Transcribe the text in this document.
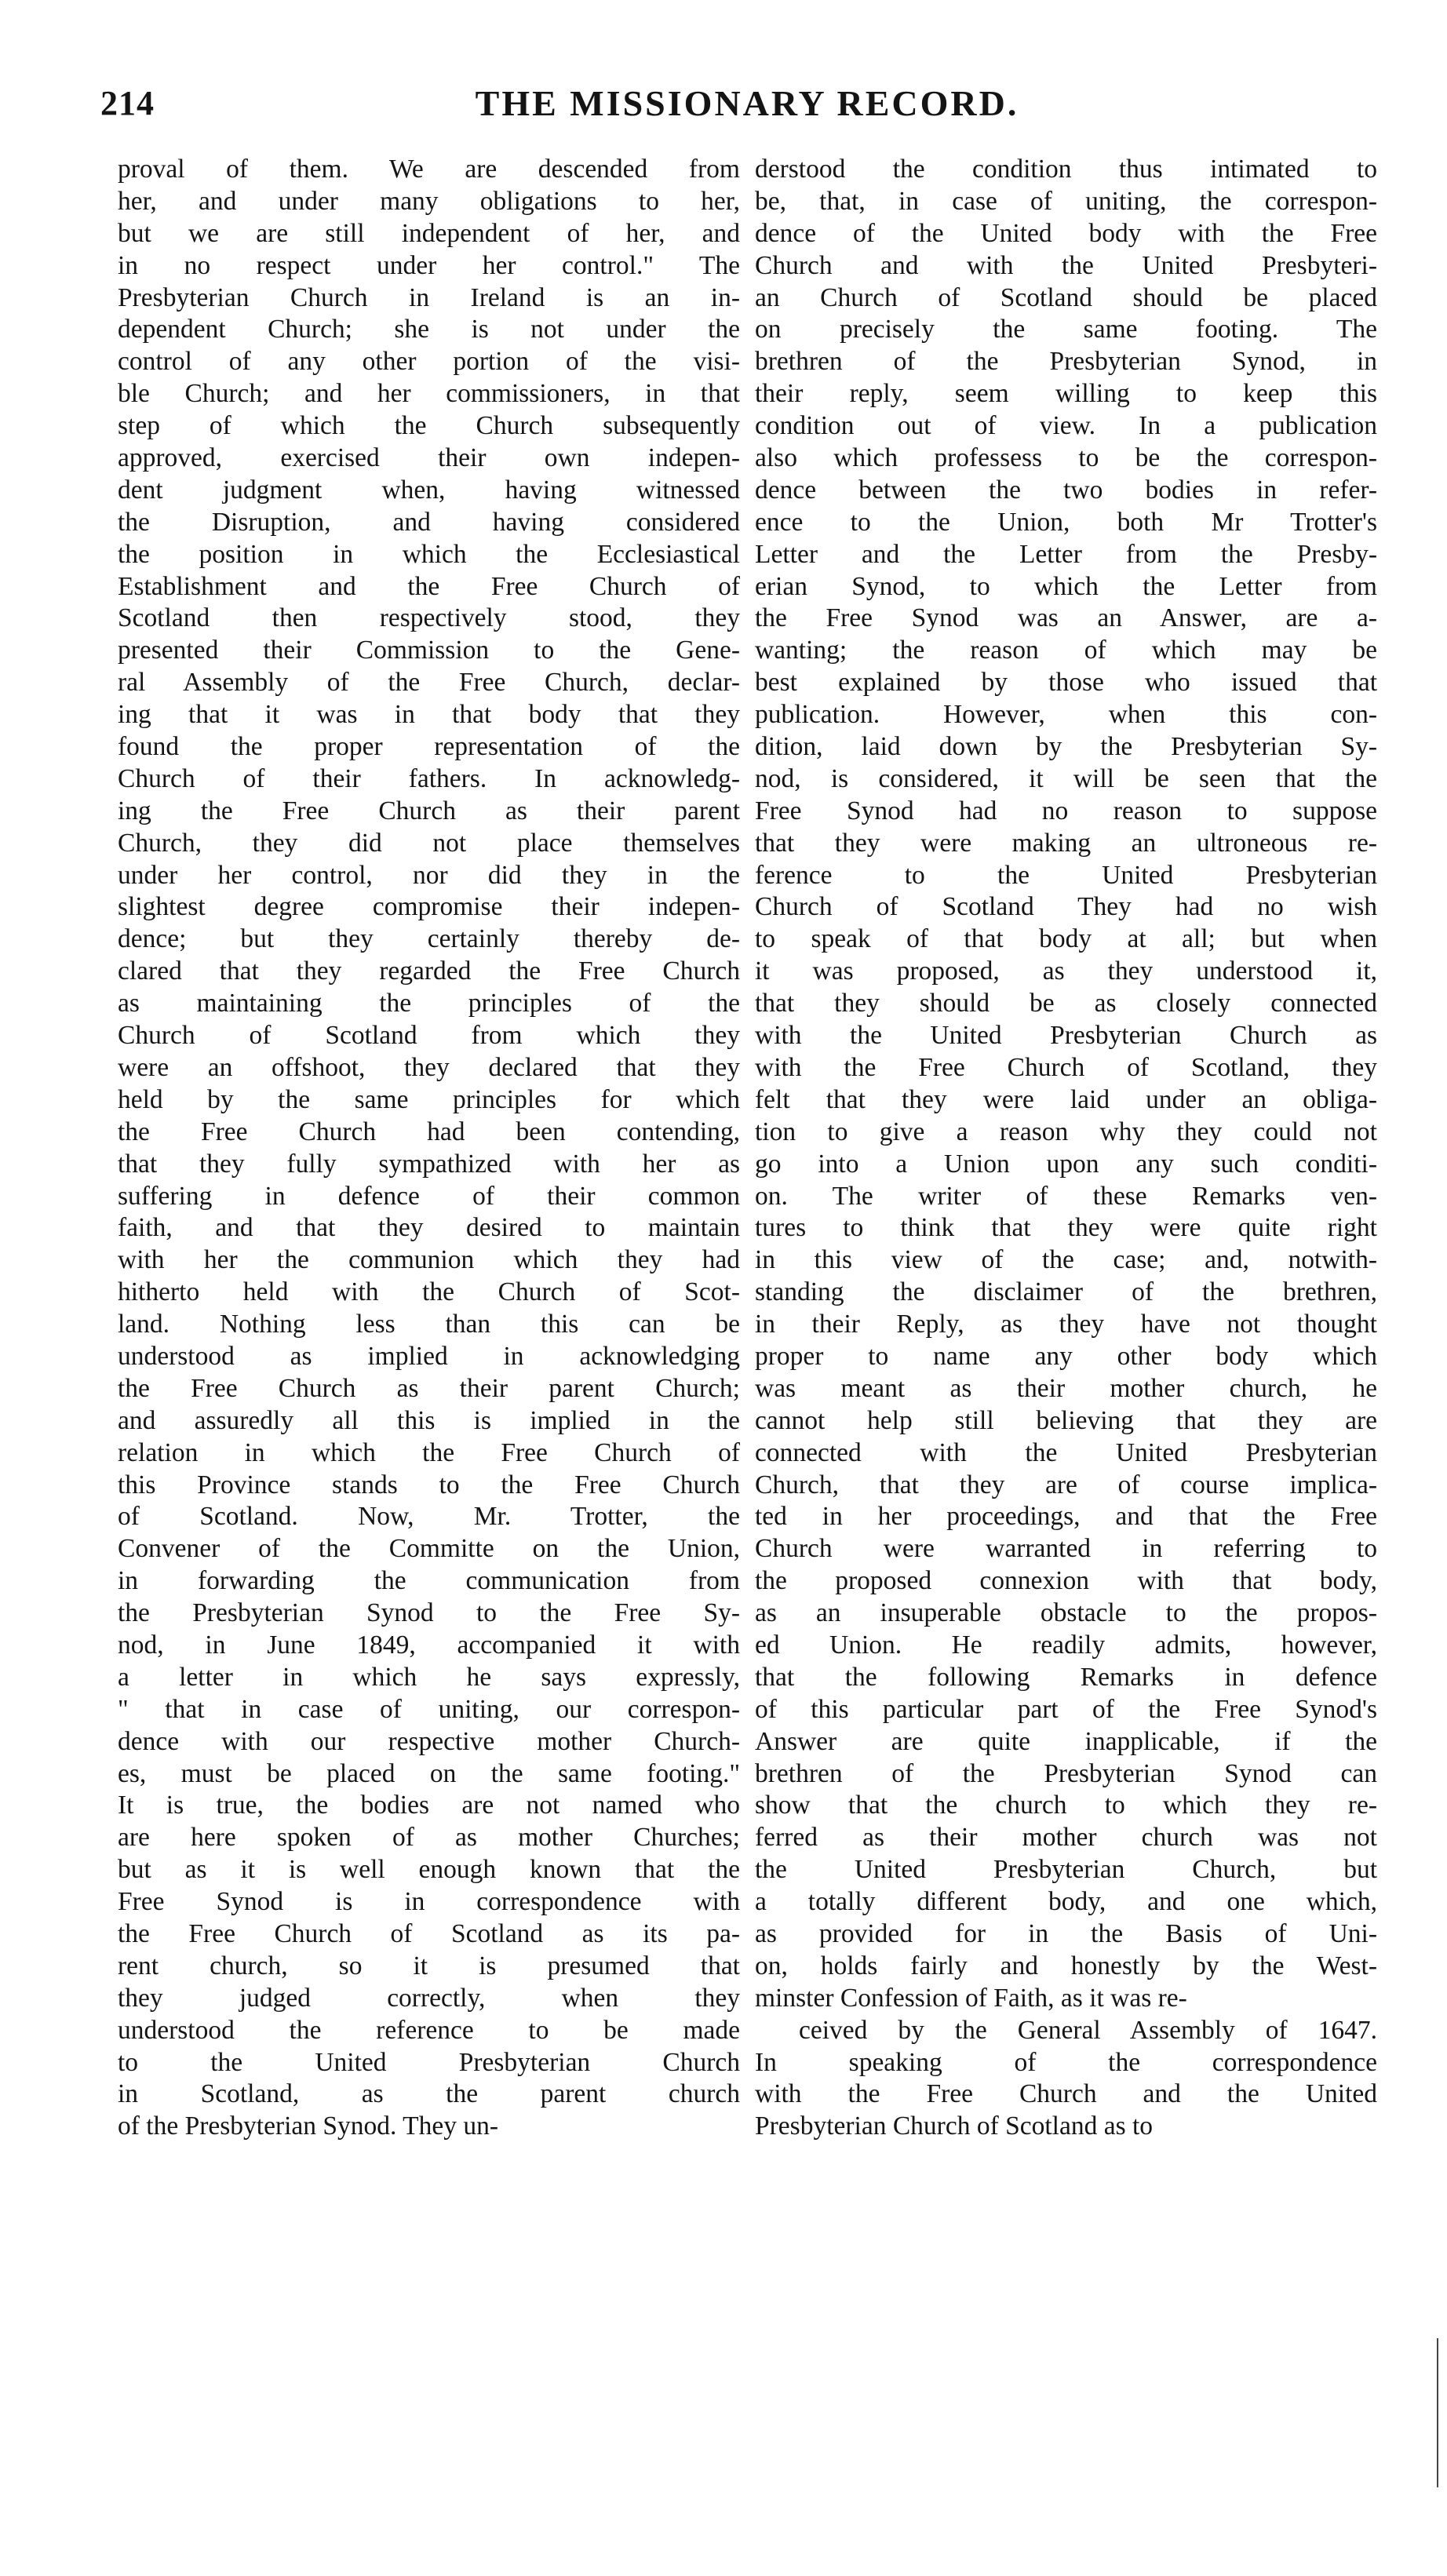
214	THE MISSIONARY RECORD.
proval of them. We are descended from
her, and under many obligations to her,
but we are still independent of her, and
in no respect under her control." The
Presbyterian Church in Ireland is an in-
dependent Church; she is not under the
control of any other portion of the visi-
ble Church; and her commissioners, in that
step of which the Church subsequently
approved, exercised their own indepen-
dent judgment when, having witnessed
the Disruption, and having considered
the position in which the Ecclesiastical
Establishment and the Free Church of
Scotland then respectively stood, they
presented their Commission to the Gene-
ral Assembly of the Free Church, declar-
ing that it was in that body that they
found the proper representation of the
Church of their fathers. In acknowledg-
ing the Free Church as their parent
Church, they did not place themselves
under her control, nor did they in the
slightest degree compromise their indepen-
dence; but they certainly thereby de-
clared that they regarded the Free Church
as maintaining the principles of the
Church of Scotland from which they
were an offshoot, they declared that they
held by the same principles for which
the Free Church had been contending,
that they fully sympathized with her as
suffering in defence of their common
faith, and that they desired to maintain
with her the communion which they had
hitherto held with the Church of Scot-
land. Nothing less than this can be
understood as implied in acknowledging
the Free Church as their parent Church;
and assuredly all this is implied in the
relation in which the Free Church of
this Province stands to the Free Church
of Scotland. Now, Mr. Trotter, the
Convener of the Committe on the Union,
in forwarding the communication from
the Presbyterian Synod to the Free Sy-
nod, in June 1849, accompanied it with
a letter in which he says expressly,
" that in case of uniting, our correspon-
dence with our respective mother Church-
es, must be placed on the same footing."
It is true, the bodies are not named who
are here spoken of as mother Churches;
but as it is well enough known that the
Free Synod is in correspondence with
the Free Church of Scotland as its pa-
rent church, so it is presumed that
they judged correctly, when they
understood the reference to be made
to the United Presbyterian Church
in Scotland, as the parent church
of the Presbyterian Synod. They un-
derstood the condition thus intimated to
be, that, in case of uniting, the correspon-
dence of the United body with the Free
Church and with the United Presbyteri-
an Church of Scotland should be placed
on precisely the same footing. The
brethren of the Presbyterian Synod, in
their reply, seem willing to keep this
condition out of view. In a publication
also which professess to be the correspon-
dence between the two bodies in refer-
ence to the Union, both Mr Trotter's
Letter and the Letter from the Presby-
erian Synod, to which the Letter from
the Free Synod was an Answer, are a-
wanting; the reason of which may be
best explained by those who issued that
publication. However, when this con-
dition, laid down by the Presbyterian Sy-
nod, is considered, it will be seen that the
Free Synod had no reason to suppose
that they were making an ultroneous re-
ference to the United Presbyterian
Church of Scotland They had no wish
to speak of that body at all; but when
it was proposed, as they understood it,
that they should be as closely connected
with the United Presbyterian Church as
with the Free Church of Scotland, they
felt that they were laid under an obliga-
tion to give a reason why they could not
go into a Union upon any such conditi-
on. The writer of these Remarks ven-
tures to think that they were quite right
in this view of the case; and, notwith-
standing the disclaimer of the brethren,
in their Reply, as they have not thought
proper to name any other body which
was meant as their mother church, he
cannot help still believing that they are
connected with the United Presbyterian
Church, that they are of course implica-
ted in her proceedings, and that the Free
Church were warranted in referring to
the proposed connexion with that body,
as an insuperable obstacle to the propos-
ed Union. He readily admits, however,
that the following Remarks in defence
of this particular part of the Free Synod's
Answer are quite inapplicable, if the
brethren of the Presbyterian Synod can
show that the church to which they re-
ferred as their mother church was not
the United Presbyterian Church, but
a totally different body, and one which,
as provided for in the Basis of Uni-
on, holds fairly and honestly by the West-
minster Confession of Faith, as it was re-
ceived by the General Assembly of 1647.
In speaking of the correspondence
with the Free Church and the United
Presbyterian Church of Scotland as to
